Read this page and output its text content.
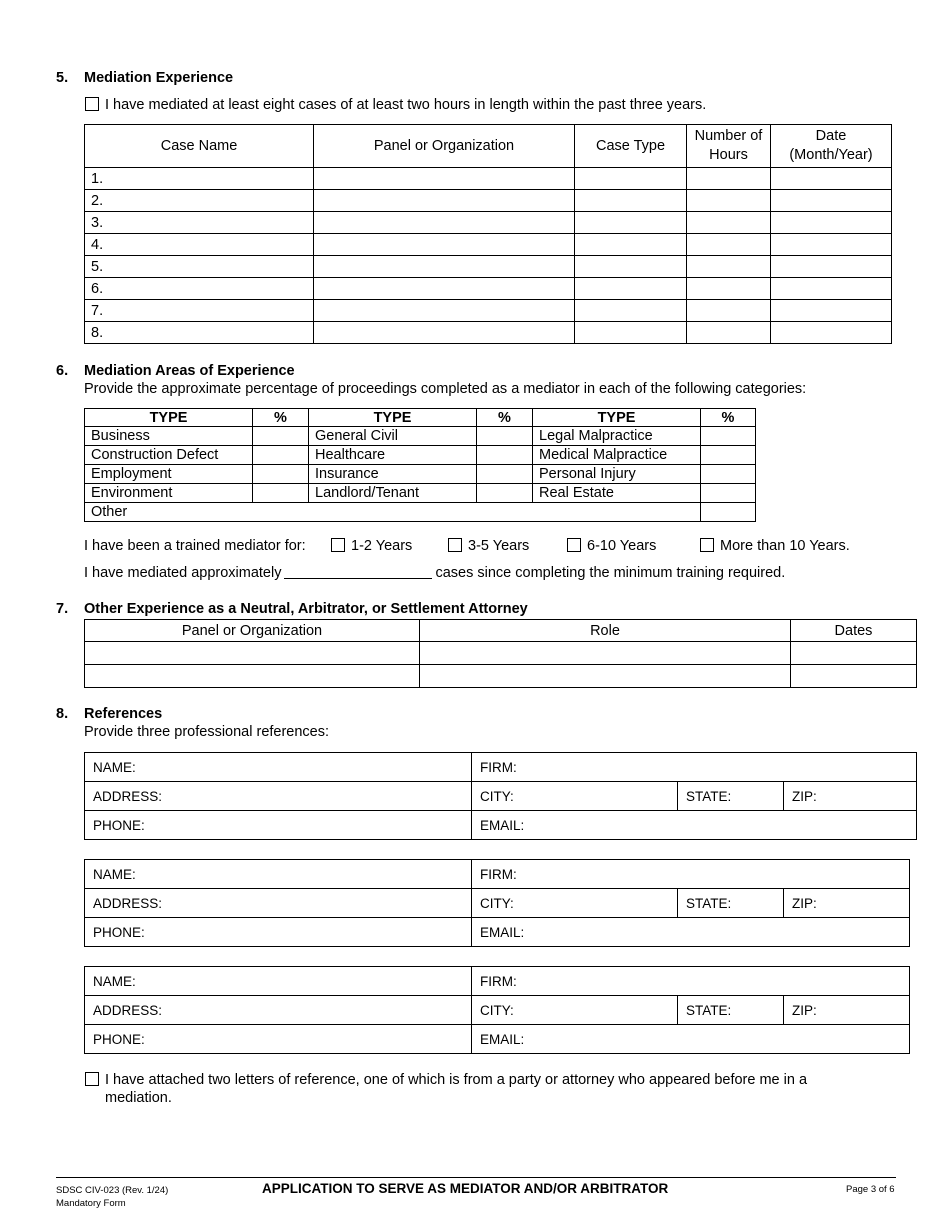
5. Mediation Experience
I have mediated at least eight cases of at least two hours in length within the past three years.
Case Name	Panel or Organization	Case Type	Number of Hours	Date (Month/Year)
1.				
2.				
3.				
4.				
5.				
6.				
7.				
8.				
6. Mediation Areas of Experience
Provide the approximate percentage of proceedings completed as a mediator in each of the following categories:
TYPE	%	TYPE	%	TYPE	%
Business		General Civil		Legal Malpractice	
Construction Defect		Healthcare		Medical Malpractice	
Employment		Insurance		Personal Injury	
Environment		Landlord/Tenant		Real Estate	
Other					
I have been a trained mediator for:	1-2 Years	3-5 Years	6-10 Years	More than 10 Years.
I have mediated approximately	cases since completing the minimum training required.
7. Other Experience as a Neutral, Arbitrator, or Settlement Attorney
Panel or Organization	Role	Dates

8. References
Provide three professional references:
NAME:	FIRM:		
ADDRESS:	CITY:	STATE:	ZIP:
PHONE:	EMAIL:		
NAME:	FIRM:		
ADDRESS:	CITY:	STATE:	ZIP:
PHONE:	EMAIL:		
NAME:	FIRM:		
ADDRESS:	CITY:	STATE:	ZIP:
PHONE:	EMAIL:		
I have attached two letters of reference, one of which is from a party or attorney who appeared before me in a
mediation.
SDSC CIV-023 (Rev. 1/24)
Mandatory Form
APPLICATION TO SERVE AS MEDIATOR AND/OR ARBITRATOR	Page 3 of 6
